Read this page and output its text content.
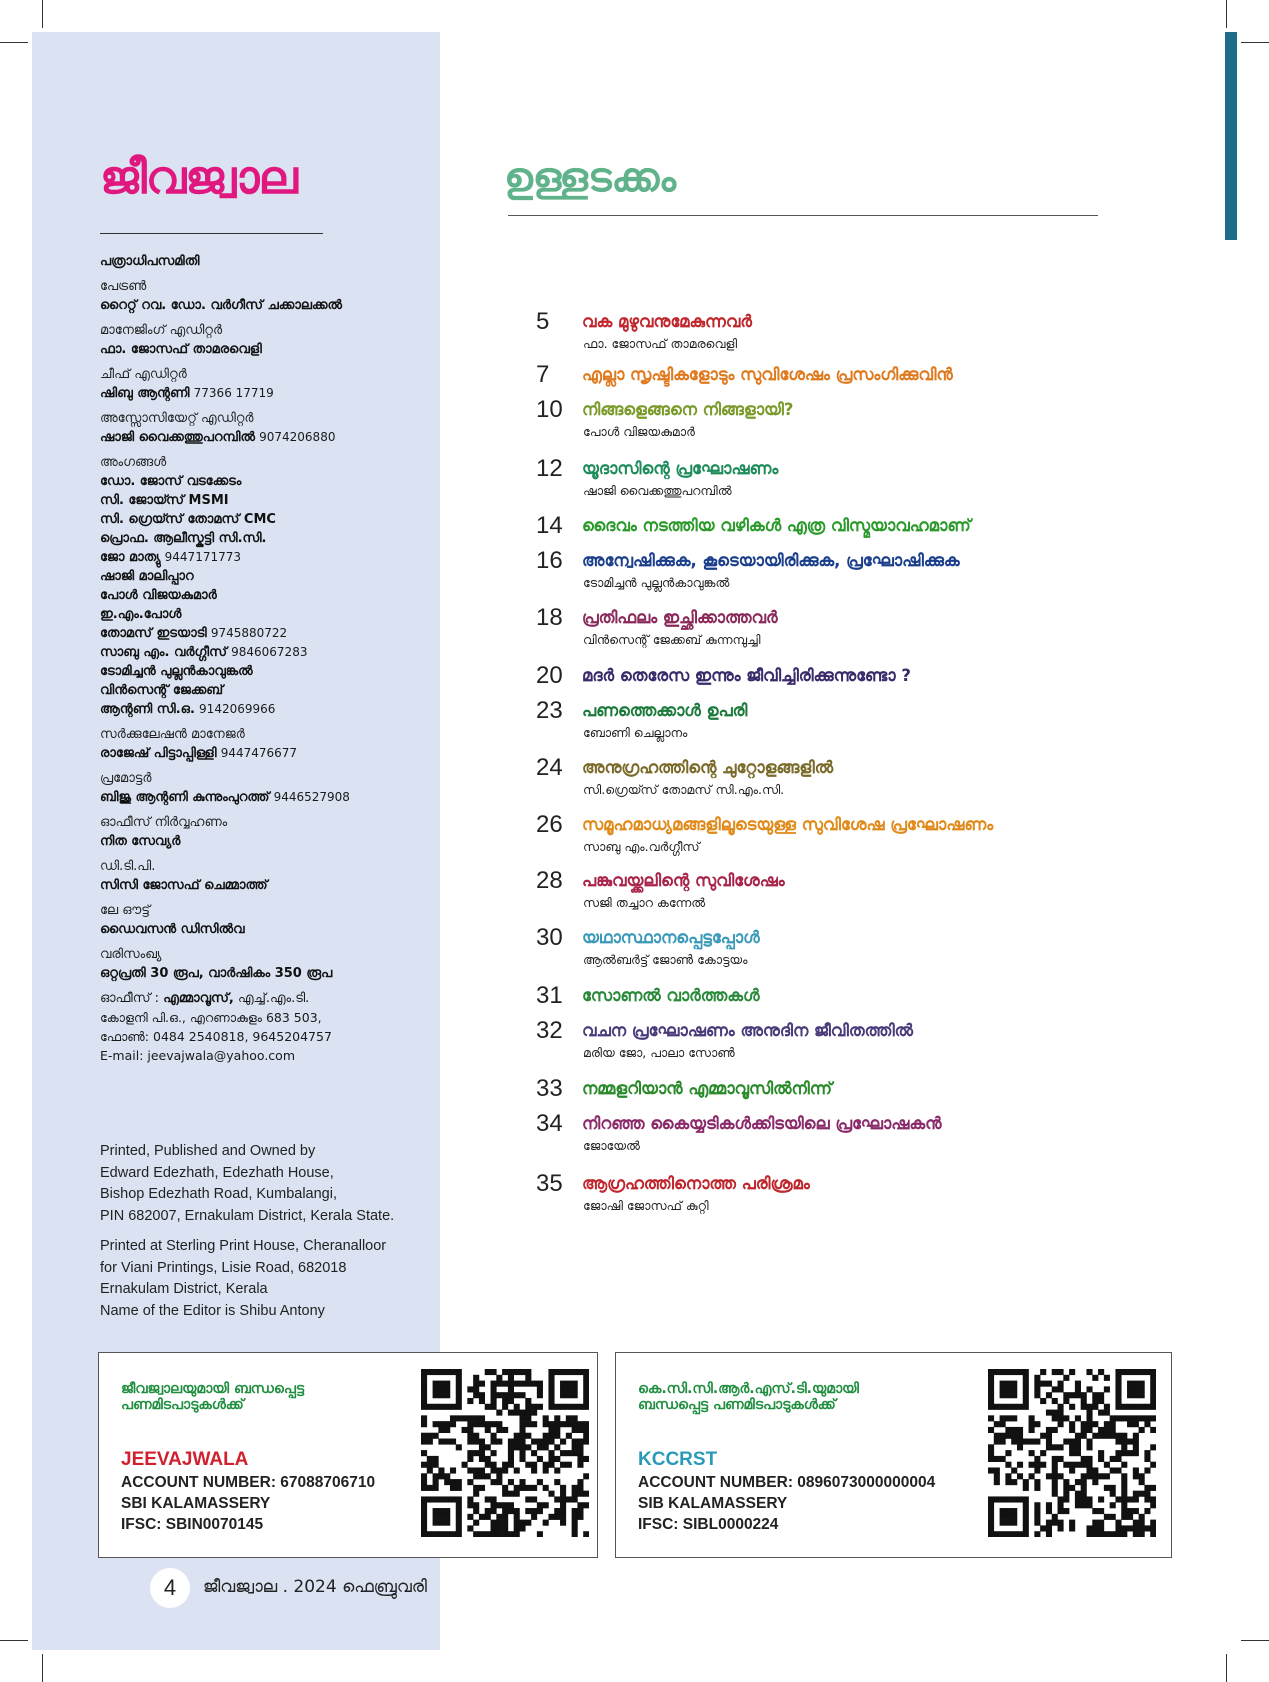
ജീവജ്വാല
പത്രാധിപസമിതി
പേട്രൺ
റൈറ്റ് റവ. ഡോ. വർഗീസ് ചക്കാലക്കൽ
മാനേജിംഗ് എഡിറ്റർ
ഫാ. ജോസഫ് താമരവെളി
ചീഫ് എഡിറ്റർ
ഷിബു ആന്റണി 77366 17719
അസ്സോസിയേറ്റ് എഡിറ്റർ
ഷാജി വൈക്കത്തുപറമ്പിൽ 9074206880
അംഗങ്ങൾ
ഡോ. ജോസ് വടക്കേടം
സി. ജോയ്സ് MSMI
സി. ഗ്രെയ്സ് തോമസ് CMC
പ്രൊഫ. ആലീസ്കുട്ടി സി.സി.
ജോ മാത്യു 9447171773
ഷാജി മാലിപ്പാറ
പോൾ വിജയകുമാർ
ഇ.എം.പോൾ
തോമസ് ഇടയാടി 9745880722
സാബു എം. വർഗ്ഗീസ് 9846067283
ടോമിച്ചൻ പുല്ലൻകാവുങ്കൽ
വിൻസെന്റ് ജേക്കബ്
ആന്റണി സി.ഒ. 9142069966
സർക്കുലേഷൻ മാനേജർ
രാജേഷ് പിട്ടാപ്പിള്ളി 9447476677
പ്രമോട്ടർ
ബിജു ആന്റണി കുന്നുംപുറത്ത് 9446527908
ഓഫീസ് നിർവ്വഹണം
നിത സേവ്യർ
ഡി.ടി.പി.
സിസി ജോസഫ് ചെമ്മാത്ത്
ലേ ഔട്ട്
ഡൈവസൻ ഡിസിൽവ
വരിസംഖ്യ
ഒറ്റപ്രതി 30 രൂപ, വാർഷികം 350 രൂപ
ഓഫീസ് : എമ്മാവൂസ്, എച്ച്.എം.ടി.
കോളനി പി.ഒ., എറണാകുളം 683 503,
ഫോൺ: 0484 2540818, 9645204757
E-mail: jeevajwala@yahoo.com

Printed, Published and Owned by
Edward Edezhath, Edezhath House,
Bishop Edezhath Road, Kumbalangi,
PIN 682007, Ernakulam District, Kerala State.

Printed at Sterling Print House, Cheranalloor
for Viani Printings, Lisie Road, 682018
Ernakulam District, Kerala
Name of the Editor is Shibu Antony

ഉള്ളടക്കം
5 വക മുഴുവനുമേകുന്നവർ
ഫാ. ജോസഫ് താമരവെളി
7 എല്ലാ സൃഷ്ടികളോടും സുവിശേഷം പ്രസംഗിക്കുവിൻ
10 നിങ്ങളെങ്ങനെ നിങ്ങളായി?
പോൾ വിജയകുമാർ
12 യൂദാസിന്റെ പ്രഘോഷണം
ഷാജി വൈക്കത്തുപറമ്പിൽ
14 ദൈവം നടത്തിയ വഴികൾ എത്ര വിസ്മയാവഹമാണ്
16 അന്വേഷിക്കുക, കൂടെയായിരിക്കുക, പ്രഘോഷിക്കുക
ടോമിച്ചൻ പുല്ലൻകാവുങ്കൽ
18 പ്രതിഫലം ഇച്ഛിക്കാത്തവർ
വിൻസെന്റ് ജേക്കബ് കുന്നമ്പുച്ചി
20 മദർ തെരേസ ഇന്നും ജീവിച്ചിരിക്കുന്നുണ്ടോ ?
23 പണത്തെക്കാൾ ഉപരി
ബോണി ചെല്ലാനം
24 അനുഗ്രഹത്തിന്റെ ചുറ്റോളങ്ങളിൽ
സി.ഗ്രെയ്സ് തോമസ് സി.എം.സി.
26 സമൂഹമാധ്യമങ്ങളിലൂടെയുള്ള സുവിശേഷ പ്രഘോഷണം
സാബു എം.വർഗ്ഗീസ്
28 പങ്കുവയ്ക്കലിന്റെ സുവിശേഷം
സജി തച്ചാറ കന്നേൽ
30 യഥാസ്ഥാനപ്പെട്ടപ്പോൾ
ആൽബർട്ട് ജോൺ കോട്ടയം
31 സോണൽ വാർത്തകൾ
32 വചന പ്രഘോഷണം അനുദിന ജീവിതത്തിൽ
മരിയ ജോ, പാലാ സോൺ
33 നമ്മളറിയാൻ എമ്മാവൂസിൽനിന്ന്
34 നിറഞ്ഞ കൈയ്യടികൾക്കിടയിലെ പ്രഘോഷകൻ
ജോയേൽ
35 ആഗ്രഹത്തിനൊത്ത പരിശ്രമം
ജോഷി ജോസഫ് കുറ്റി
ജീവജ്വാലയുമായി ബന്ധപ്പെട്ട പണമിടപാടുകൾക്ക്
JEEVAJWALA
ACCOUNT NUMBER: 67088706710
SBI KALAMASSERY
IFSC: SBIN0070145
കെ.സി.സി.ആർ.എസ്.ടി.യുമായി ബന്ധപ്പെട്ട പണമിടപാടുകൾക്ക്
KCCRST
ACCOUNT NUMBER: 0896073000000004
SIB KALAMASSERY
IFSC: SIBL0000224
4	ജീവജ്വാല . 2024 ഫെബ്രുവരി
